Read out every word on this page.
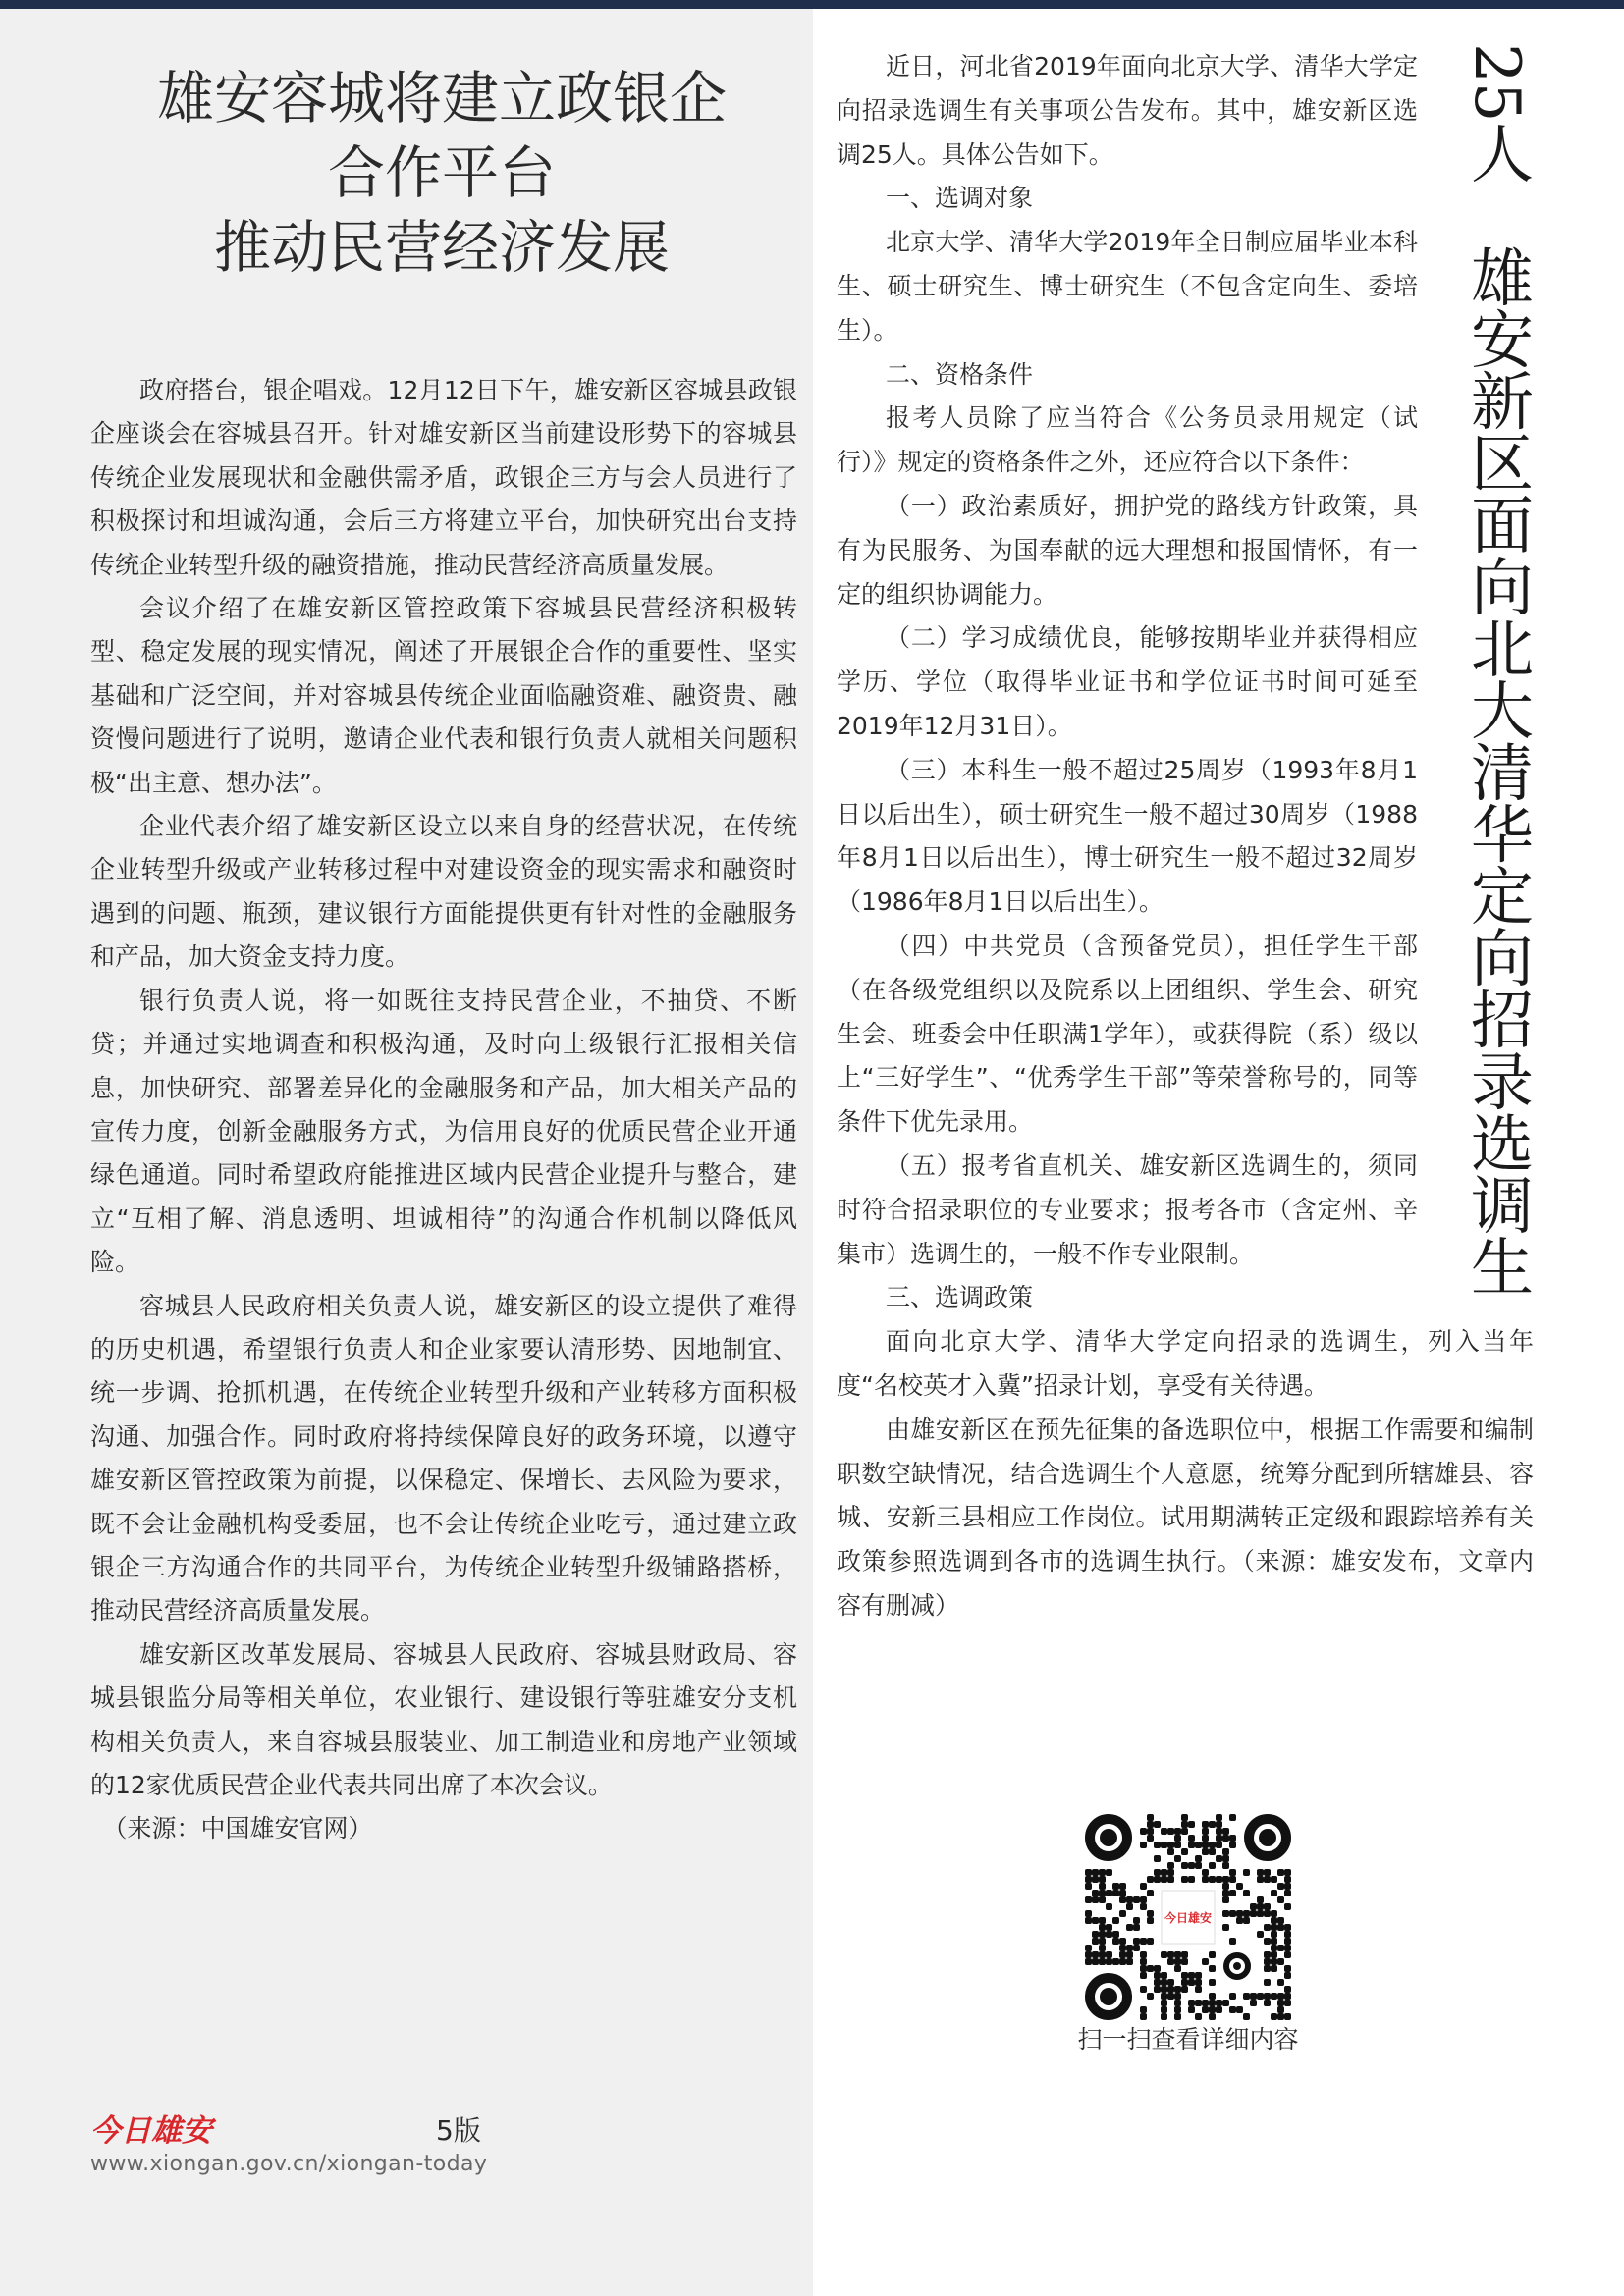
雄安容城将建立政银企
合作平台
推动民营经济发展

政府搭台，银企唱戏。12月12日下午，雄安新区容城县政银企座谈会在容城县召开。针对雄安新区当前建设形势下的容城县传统企业发展现状和金融供需矛盾，政银企三方与会人员进行了积极探讨和坦诚沟通，会后三方将建立平台，加快研究出台支持传统企业转型升级的融资措施，推动民营经济高质量发展。

会议介绍了在雄安新区管控政策下容城县民营经济积极转型、稳定发展的现实情况，阐述了开展银企合作的重要性、坚实基础和广泛空间，并对容城县传统企业面临融资难、融资贵、融资慢问题进行了说明，邀请企业代表和银行负责人就相关问题积极“出主意、想办法”。

企业代表介绍了雄安新区设立以来自身的经营状况，在传统企业转型升级或产业转移过程中对建设资金的现实需求和融资时遇到的问题、瓶颈，建议银行方面能提供更有针对性的金融服务和产品，加大资金支持力度。

银行负责人说，将一如既往支持民营企业，不抽贷、不断贷；并通过实地调查和积极沟通，及时向上级银行汇报相关信息，加快研究、部署差异化的金融服务和产品，加大相关产品的宣传力度，创新金融服务方式，为信用良好的优质民营企业开通绿色通道。同时希望政府能推进区域内民营企业提升与整合，建立“互相了解、消息透明、坦诚相待”的沟通合作机制以降低风险。

容城县人民政府相关负责人说，雄安新区的设立提供了难得的历史机遇，希望银行负责人和企业家要认清形势、因地制宜、统一步调、抢抓机遇，在传统企业转型升级和产业转移方面积极沟通、加强合作。同时政府将持续保障良好的政务环境，以遵守雄安新区管控政策为前提，以保稳定、保增长、去风险为要求，既不会让金融机构受委屈，也不会让传统企业吃亏，通过建立政银企三方沟通合作的共同平台，为传统企业转型升级铺路搭桥，推动民营经济高质量发展。

雄安新区改革发展局、容城县人民政府、容城县财政局、容城县银监分局等相关单位，农业银行、建设银行等驻雄安分支机构相关负责人，来自容城县服装业、加工制造业和房地产业领域的12家优质民营企业代表共同出席了本次会议。

（来源：中国雄安官网）

近日，河北省2019年面向北京大学、清华大学定向招录选调生有关事项公告发布。其中，雄安新区选调25人。具体公告如下。

一、选调对象

北京大学、清华大学2019年全日制应届毕业本科生、硕士研究生、博士研究生（不包含定向生、委培生）。

二、资格条件

报考人员除了应当符合《公务员录用规定（试行）》规定的资格条件之外，还应符合以下条件：

（一）政治素质好，拥护党的路线方针政策，具有为民服务、为国奉献的远大理想和报国情怀，有一定的组织协调能力。

（二）学习成绩优良，能够按期毕业并获得相应学历、学位（取得毕业证书和学位证书时间可延至2019年12月31日）。

（三）本科生一般不超过25周岁（1993年8月1日以后出生），硕士研究生一般不超过30周岁（1988年8月1日以后出生），博士研究生一般不超过32周岁（1986年8月1日以后出生）。

（四）中共党员（含预备党员），担任学生干部（在各级党组织以及院系以上团组织、学生会、研究生会、班委会中任职满1学年），或获得院（系）级以上“三好学生”、“优秀学生干部”等荣誉称号的，同等条件下优先录用。

（五）报考省直机关、雄安新区选调生的，须同时符合招录职位的专业要求；报考各市（含定州、辛集市）选调生的，一般不作专业限制。

三、选调政策

面向北京大学、清华大学定向招录的选调生，列入当年度“名校英才入冀”招录计划，享受有关待遇。

由雄安新区在预先征集的备选职位中，根据工作需要和编制职数空缺情况，结合选调生个人意愿，统筹分配到所辖雄县、容城、安新三县相应工作岗位。试用期满转正定级和跟踪培养有关政策参照选调到各市的选调生执行。（来源：雄安发布，文章内容有删减）

25人　雄安新区面向北大清华定向招录选调生
今日雄安
扫一扫查看详细内容
今日雄安	5版
www.xiongan.gov.cn/xiongan-today
